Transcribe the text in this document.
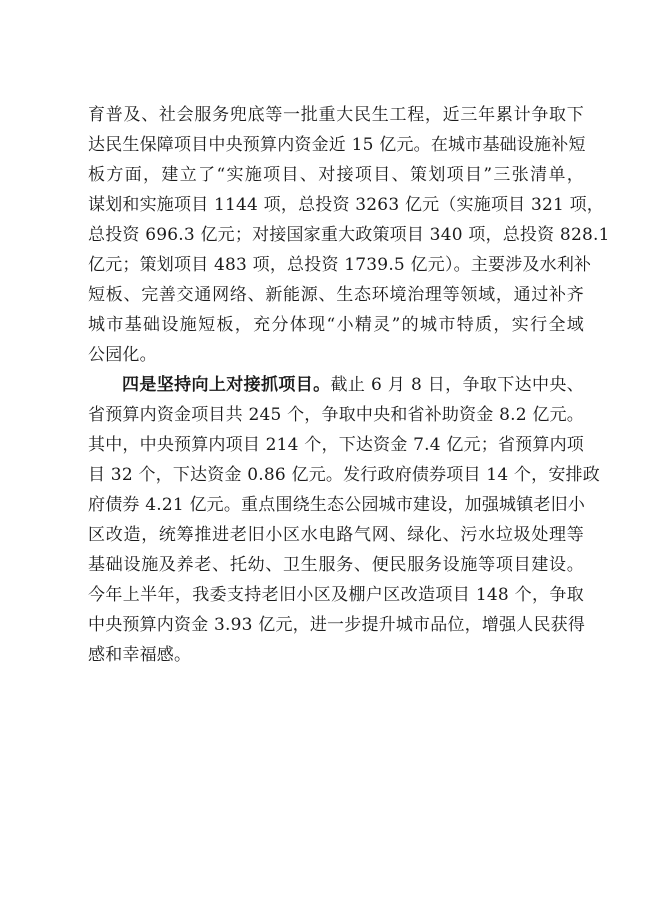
育普及、社会服务兜底等一批重大民生工程，近三年累计争取下
达民生保障项目中央预算内资金近 15 亿元。在城市基础设施补短
板方面，建立了“实施项目、对接项目、策划项目”三张清单，
谋划和实施项目 1144 项，总投资 3263 亿元（实施项目 321 项，
总投资 696.3 亿元；对接国家重大政策项目 340 项，总投资 828.1
亿元；策划项目 483 项，总投资 1739.5 亿元）。主要涉及水利补
短板、完善交通网络、新能源、生态环境治理等领域，通过补齐
城市基础设施短板，充分体现“小精灵”的城市特质，实行全域
公园化。
四是坚持向上对接抓项目。截止 6 月 8 日，争取下达中央、
省预算内资金项目共 245 个，争取中央和省补助资金 8.2 亿元。
其中，中央预算内项目 214 个，下达资金 7.4 亿元；省预算内项
目 32 个，下达资金 0.86 亿元。发行政府债券项目 14 个，安排政
府债券 4.21 亿元。重点围绕生态公园城市建设，加强城镇老旧小
区改造，统筹推进老旧小区水电路气网、绿化、污水垃圾处理等
基础设施及养老、托幼、卫生服务、便民服务设施等项目建设。
今年上半年，我委支持老旧小区及棚户区改造项目 148 个，争取
中央预算内资金 3.93 亿元，进一步提升城市品位，增强人民获得
感和幸福感。
